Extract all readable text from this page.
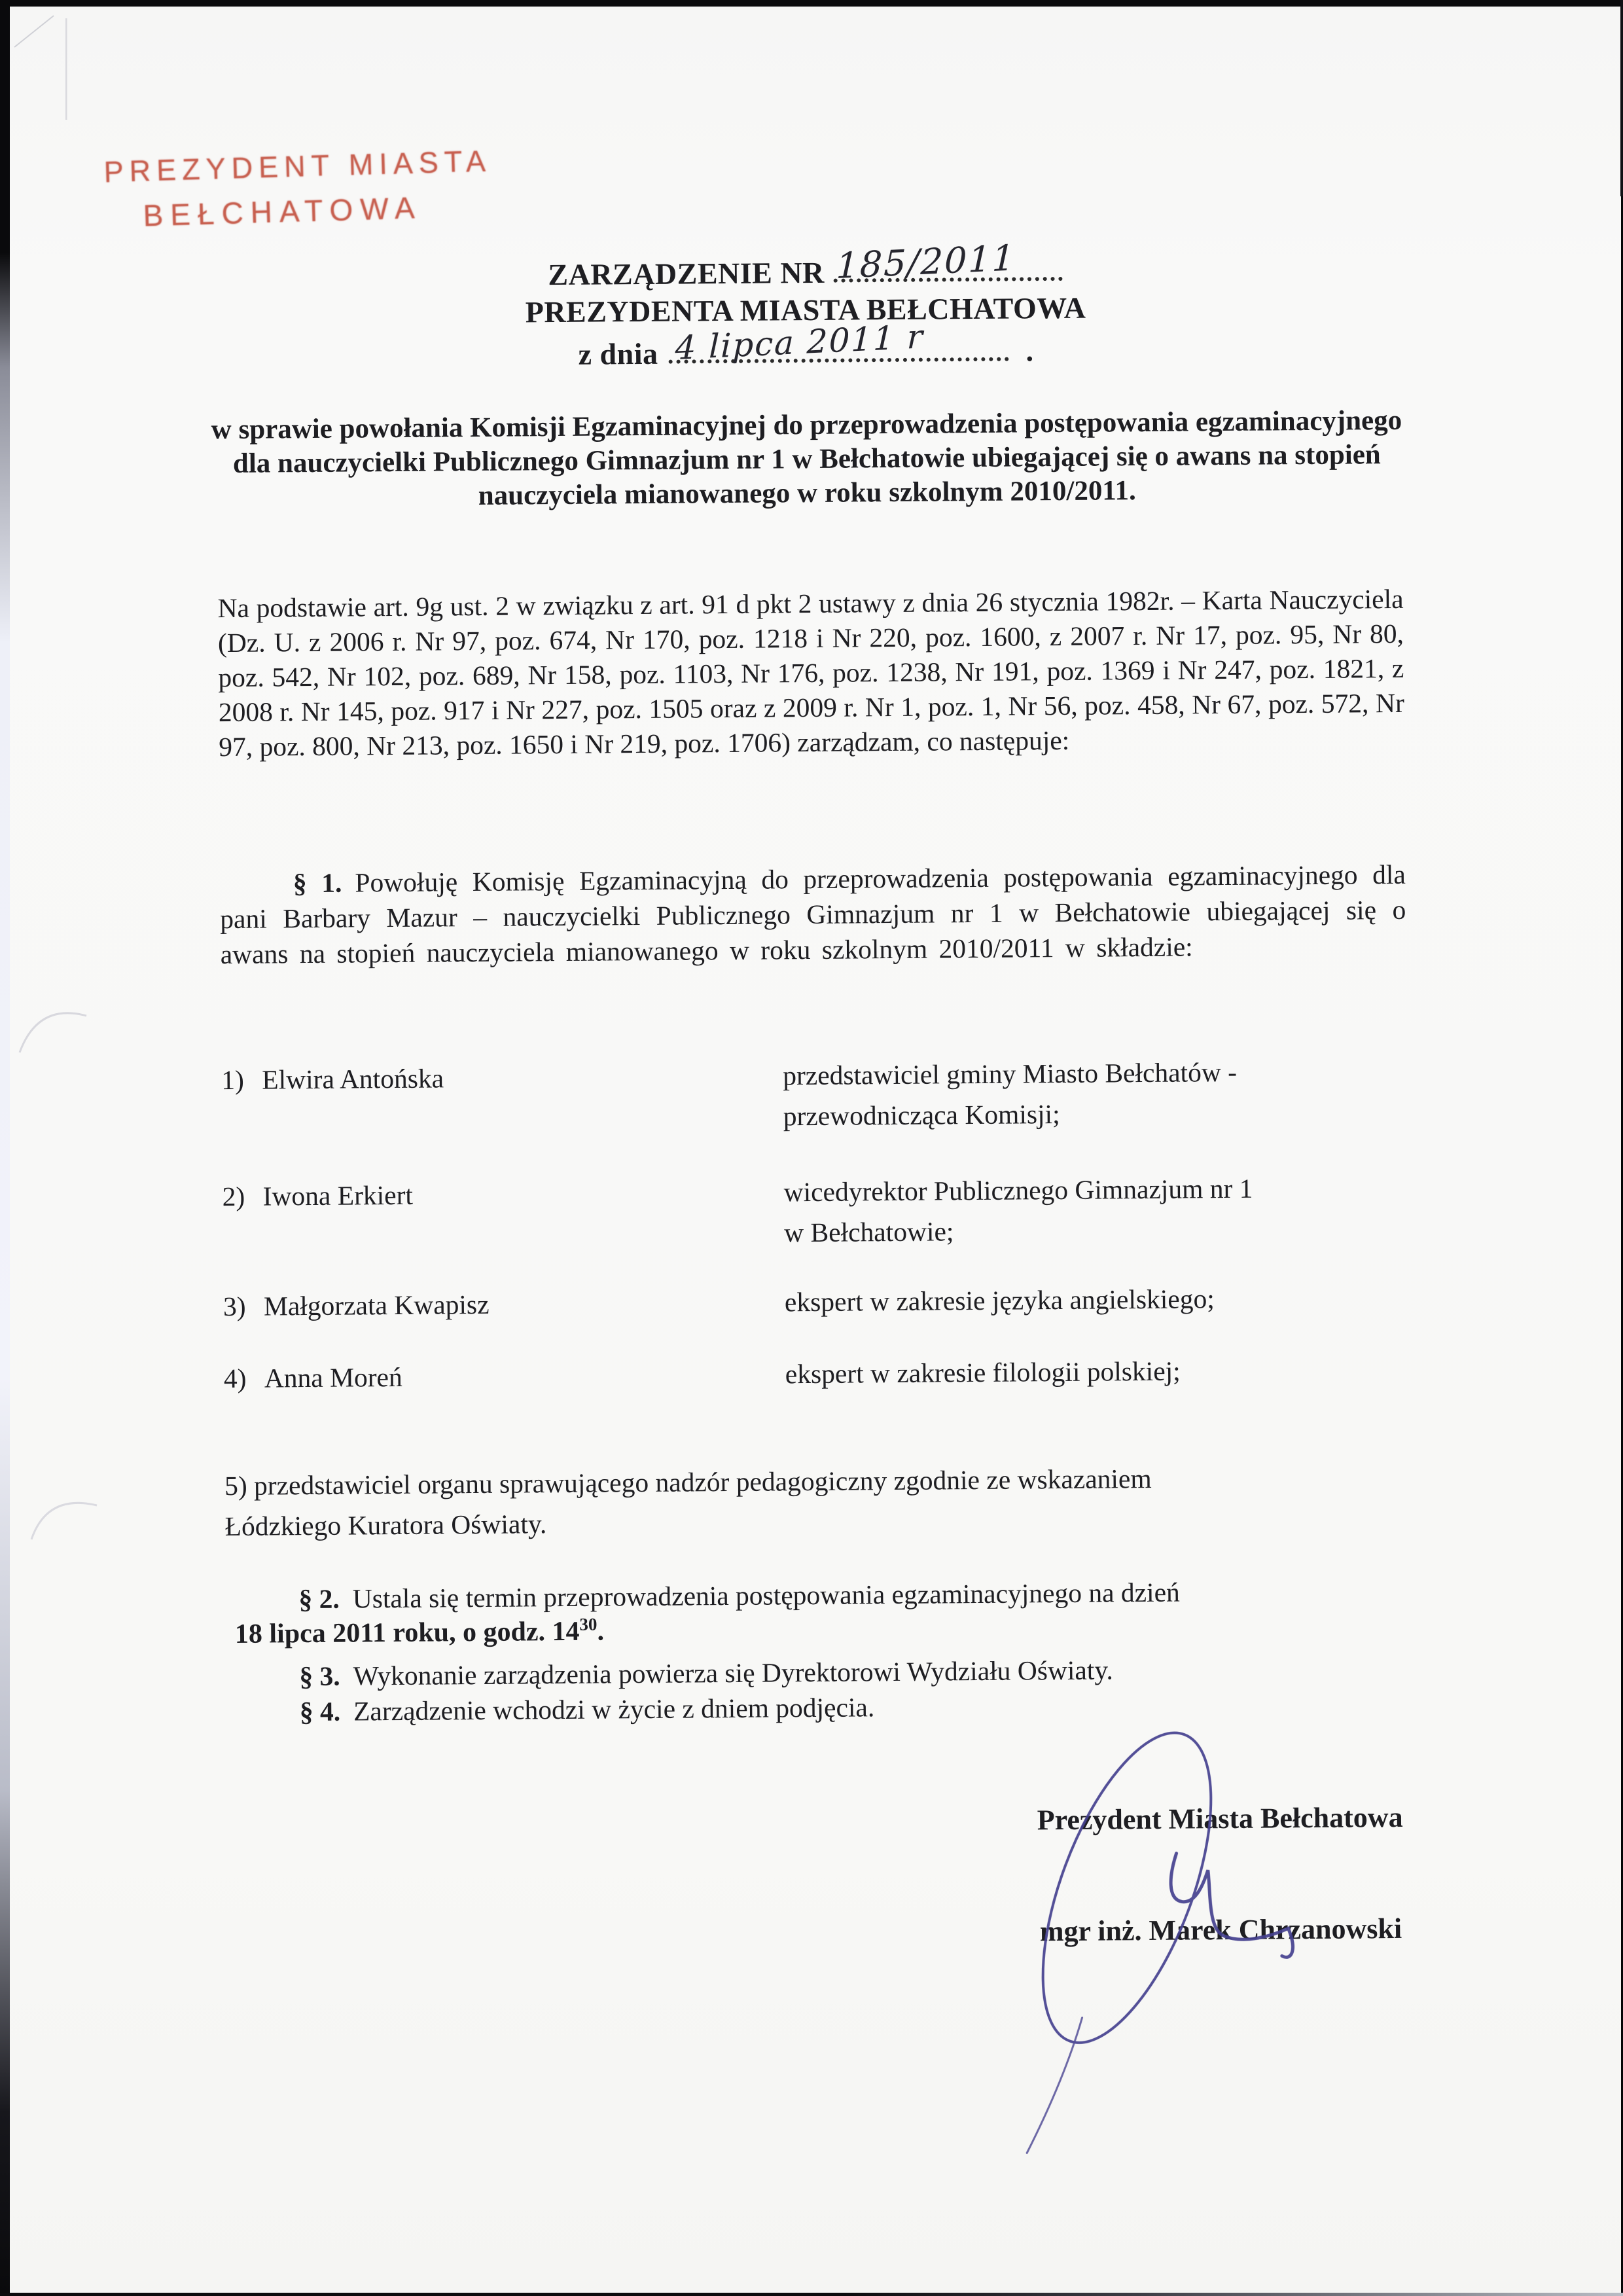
PREZYDENT MIASTA
BEŁCHATOWA
ZARZĄDZENIE NR 185/2011
PREZYDENTA MIASTA BEŁCHATOWA
z dnia 4 lipca 2011 r	.
w sprawie powołania Komisji Egzaminacyjnej do przeprowadzenia postępowania egzaminacyjnego dla nauczycielki Publicznego Gimnazjum nr 1 w Bełchatowie ubiegającej się o awans na stopień nauczyciela mianowanego w roku szkolnym 2010/2011.
Na podstawie art. 9g ust. 2 w związku z art. 91 d pkt 2 ustawy z dnia 26 stycznia 1982r. – Karta Nauczyciela (Dz. U. z 2006 r. Nr 97, poz. 674, Nr 170, poz. 1218 i Nr 220, poz. 1600, z 2007 r. Nr 17, poz. 95, Nr 80, poz. 542, Nr 102, poz. 689, Nr 158, poz. 1103, Nr 176, poz. 1238, Nr 191, poz. 1369 i Nr 247, poz. 1821, z 2008 r. Nr 145, poz. 917 i Nr 227, poz. 1505 oraz z 2009 r. Nr 1, poz. 1, Nr 56, poz. 458, Nr 67, poz. 572, Nr 97, poz. 800, Nr 213, poz. 1650 i Nr 219, poz. 1706) zarządzam, co następuje:
§ 1. Powołuję Komisję Egzaminacyjną do przeprowadzenia postępowania egzaminacyjnego dla pani Barbary Mazur – nauczycielki Publicznego Gimnazjum nr 1 w Bełchatowie ubiegającej się o awans na stopień nauczyciela mianowanego w roku szkolnym 2010/2011 w składzie:
1) Elwira Antońska	przedstawiciel gminy Miasto Bełchatów -
przewodnicząca Komisji;
2) Iwona Erkiert	wicedyrektor Publicznego Gimnazjum nr 1
w Bełchatowie;
3) Małgorzata Kwapisz	ekspert w zakresie języka angielskiego;
4) Anna Moreń	ekspert w zakresie filologii polskiej;
5) przedstawiciel organu sprawującego nadzór pedagogiczny zgodnie ze wskazaniem
Łódzkiego Kuratora Oświaty.
§ 2. Ustala się termin przeprowadzenia postępowania egzaminacyjnego na dzień
18 lipca 2011 roku, o godz. $14^{30}$.
§ 3. Wykonanie zarządzenia powierza się Dyrektorowi Wydziału Oświaty.
§ 4. Zarządzenie wchodzi w życie z dniem podjęcia.
Prezydent Miasta Bełchatowa
mgr inż. Marek Chrzanowski
